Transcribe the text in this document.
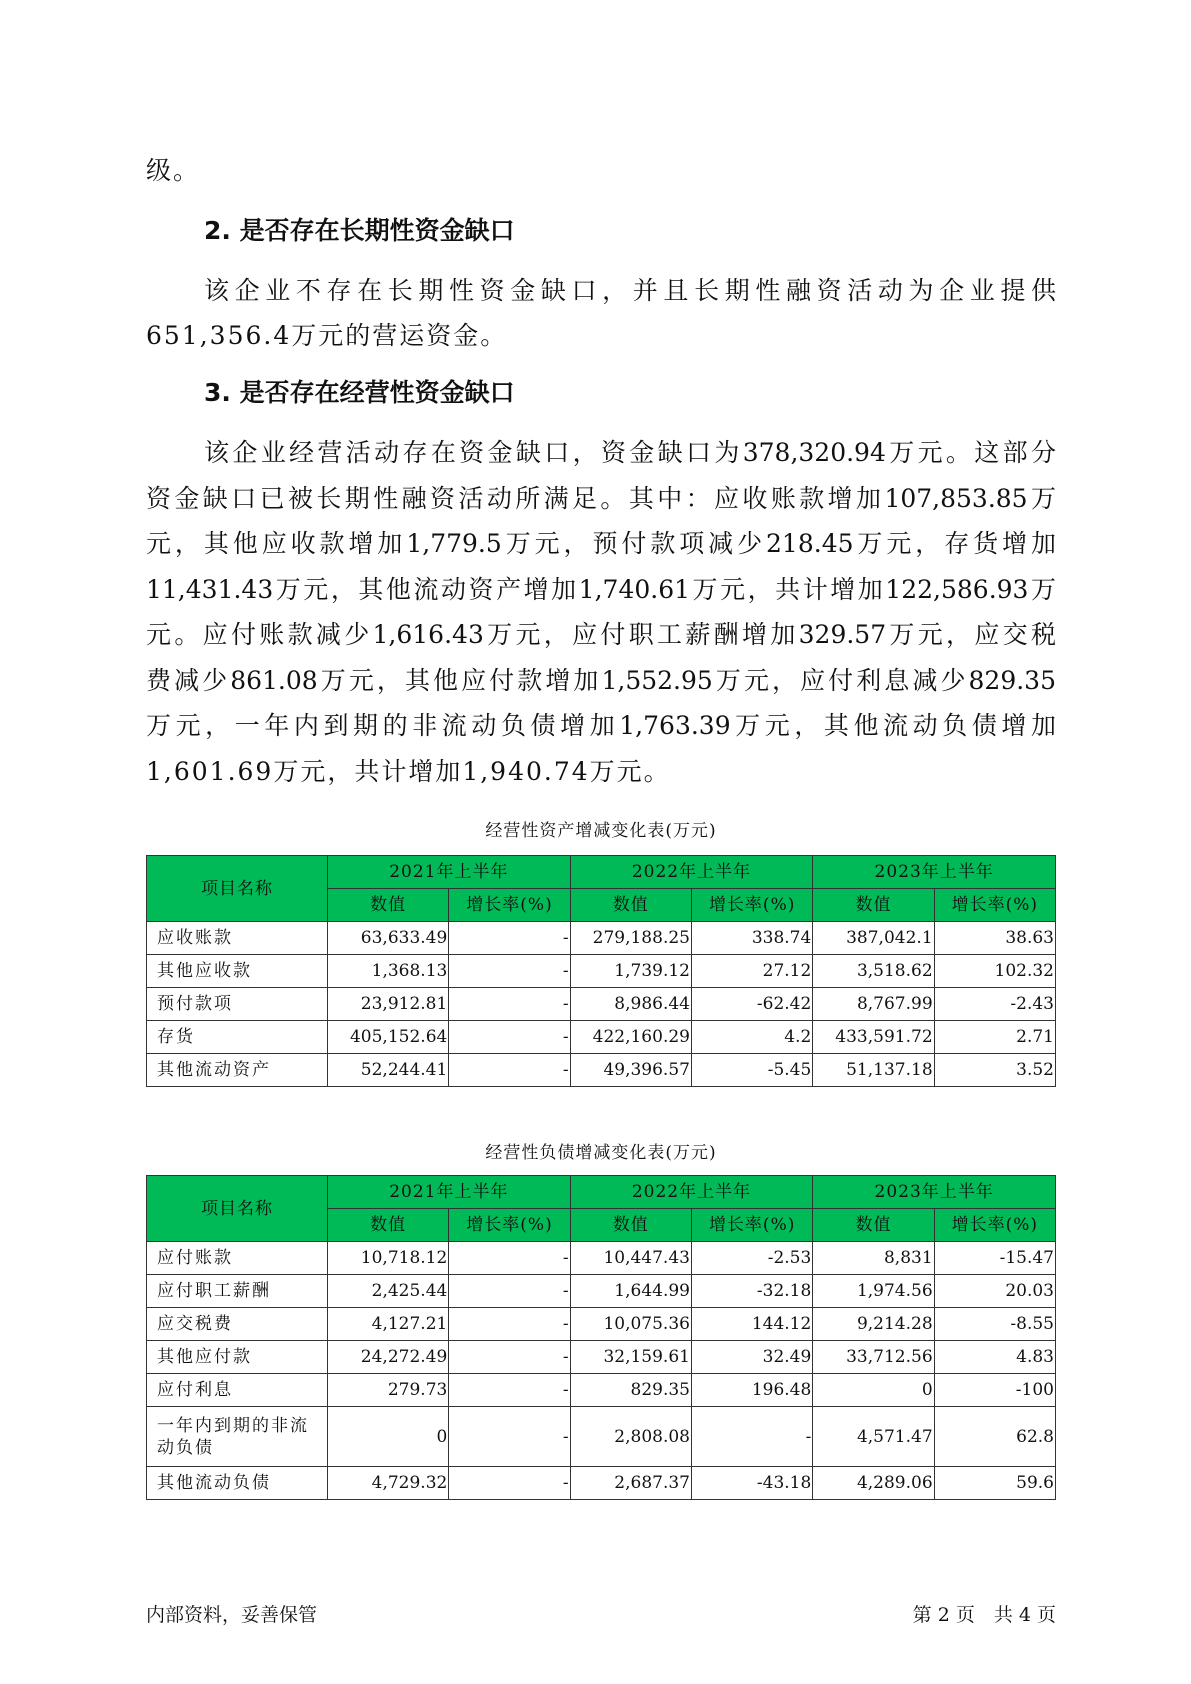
级。
2. 是否存在长期性资金缺口
该企业不存在长期性资金缺口，并且长期性融资活动为企业提供
651,356.4万元的营运资金。
3. 是否存在经营性资金缺口
该企业经营活动存在资金缺口，资金缺口为378,320.94万元。这部分
资金缺口已被长期性融资活动所满足。其中：应收账款增加107,853.85万
元，其他应收款增加1,779.5万元，预付款项减少218.45万元，存货增加
11,431.43万元，其他流动资产增加1,740.61万元，共计增加122,586.93万
元。应付账款减少1,616.43万元，应付职工薪酬增加329.57万元，应交税
费减少861.08万元，其他应付款增加1,552.95万元，应付利息减少829.35
万元，一年内到期的非流动负债增加1,763.39万元，其他流动负债增加
1,601.69万元，共计增加1,940.74万元。
经营性资产增减变化表(万元)
项目名称	2021年上半年		2022年上半年		2023年上半年	
	数值	增长率(%)	数值	增长率(%)	数值	增长率(%)
应收账款	63,633.49	-	279,188.25	338.74	387,042.1	38.63
其他应收款	1,368.13	-	1,739.12	27.12	3,518.62	102.32
预付款项	23,912.81	-	8,986.44	-62.42	8,767.99	-2.43
存货	405,152.64	-	422,160.29	4.2	433,591.72	2.71
其他流动资产	52,244.41	-	49,396.57	-5.45	51,137.18	3.52
经营性负债增减变化表(万元)
项目名称	2021年上半年		2022年上半年		2023年上半年	
	数值	增长率(%)	数值	增长率(%)	数值	增长率(%)
应付账款	10,718.12	-	10,447.43	-2.53	8,831	-15.47
应付职工薪酬	2,425.44	-	1,644.99	-32.18	1,974.56	20.03
应交税费	4,127.21	-	10,075.36	144.12	9,214.28	-8.55
其他应付款	24,272.49	-	32,159.61	32.49	33,712.56	4.83
应付利息	279.73	-	829.35	196.48	0	-100
一年内到期的非流动负债	0	-	2,808.08	-	4,571.47	62.8
其他流动负债	4,729.32	-	2,687.37	-43.18	4,289.06	59.6
内部资料，妥善保管	第 2 页　共 4 页
